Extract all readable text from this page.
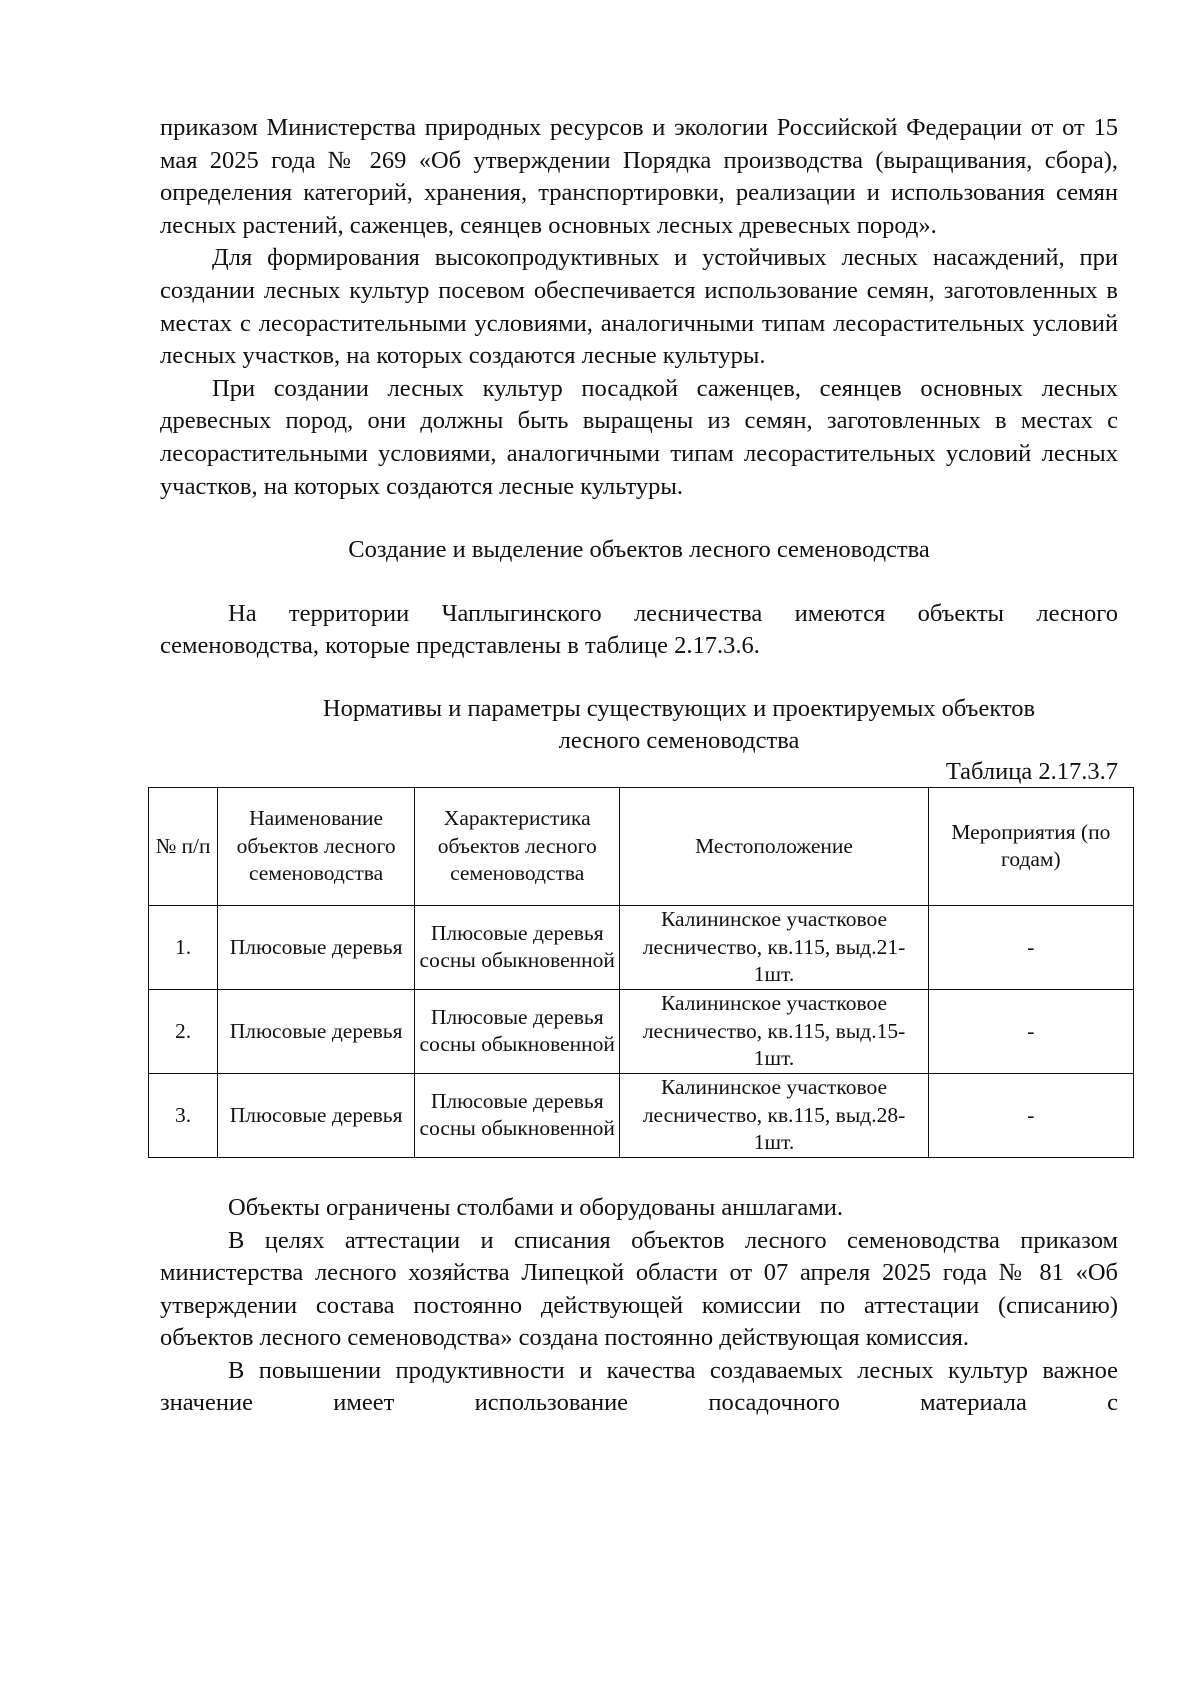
приказом Министерства природных ресурсов и экологии Российской Федерации от от 15 мая 2025 года № 269 «Об утверждении Порядка производства (выращивания, сбора), определения категорий, хранения, транспортировки, реализации и использования семян лесных растений, саженцев, сеянцев основных лесных древесных пород».

Для формирования высокопродуктивных и устойчивых лесных насаждений, при создании лесных культур посевом обеспечивается использование семян, заготовленных в местах с лесорастительными условиями, аналогичными типам лесорастительных условий лесных участков, на которых создаются лесные культуры.

При создании лесных культур посадкой саженцев, сеянцев основных лесных древесных пород, они должны быть выращены из семян, заготовленных в местах с лесорастительными условиями, аналогичными типам лесорастительных условий лесных участков, на которых создаются лесные культуры.

Создание и выделение объектов лесного семеноводства

На территории Чаплыгинского лесничества имеются объекты лесного семеноводства, которые представлены в таблице 2.17.3.6.

Нормативы и параметры существующих и проектируемых объектов

лесного семеноводства

Таблица 2.17.3.7

№ п/п	Наименование объектов лесного семеноводства	Характеристика объектов лесного семеноводства	Местоположение	Мероприятия (по годам)
1.	Плюсовые деревья	Плюсовые деревья сосны обыкновенной	Калининское участковое лесничество, кв.115, выд.21-1шт.	-
2.	Плюсовые деревья	Плюсовые деревья сосны обыкновенной	Калининское участковое лесничество, кв.115, выд.15-1шт.	-
3.	Плюсовые деревья	Плюсовые деревья сосны обыкновенной	Калининское участковое лесничество, кв.115, выд.28-1шт.	-

Объекты ограничены столбами и оборудованы аншлагами.

В целях аттестации и списания объектов лесного семеноводства приказом министерства лесного хозяйства Липецкой области от 07 апреля 2025 года № 81 «Об утверждении состава постоянно действующей комиссии по аттестации (списанию) объектов лесного семеноводства» создана постоянно действующая комиссия.

В повышении продуктивности и качества создаваемых лесных культур важное значение имеет использование посадочного материала с
